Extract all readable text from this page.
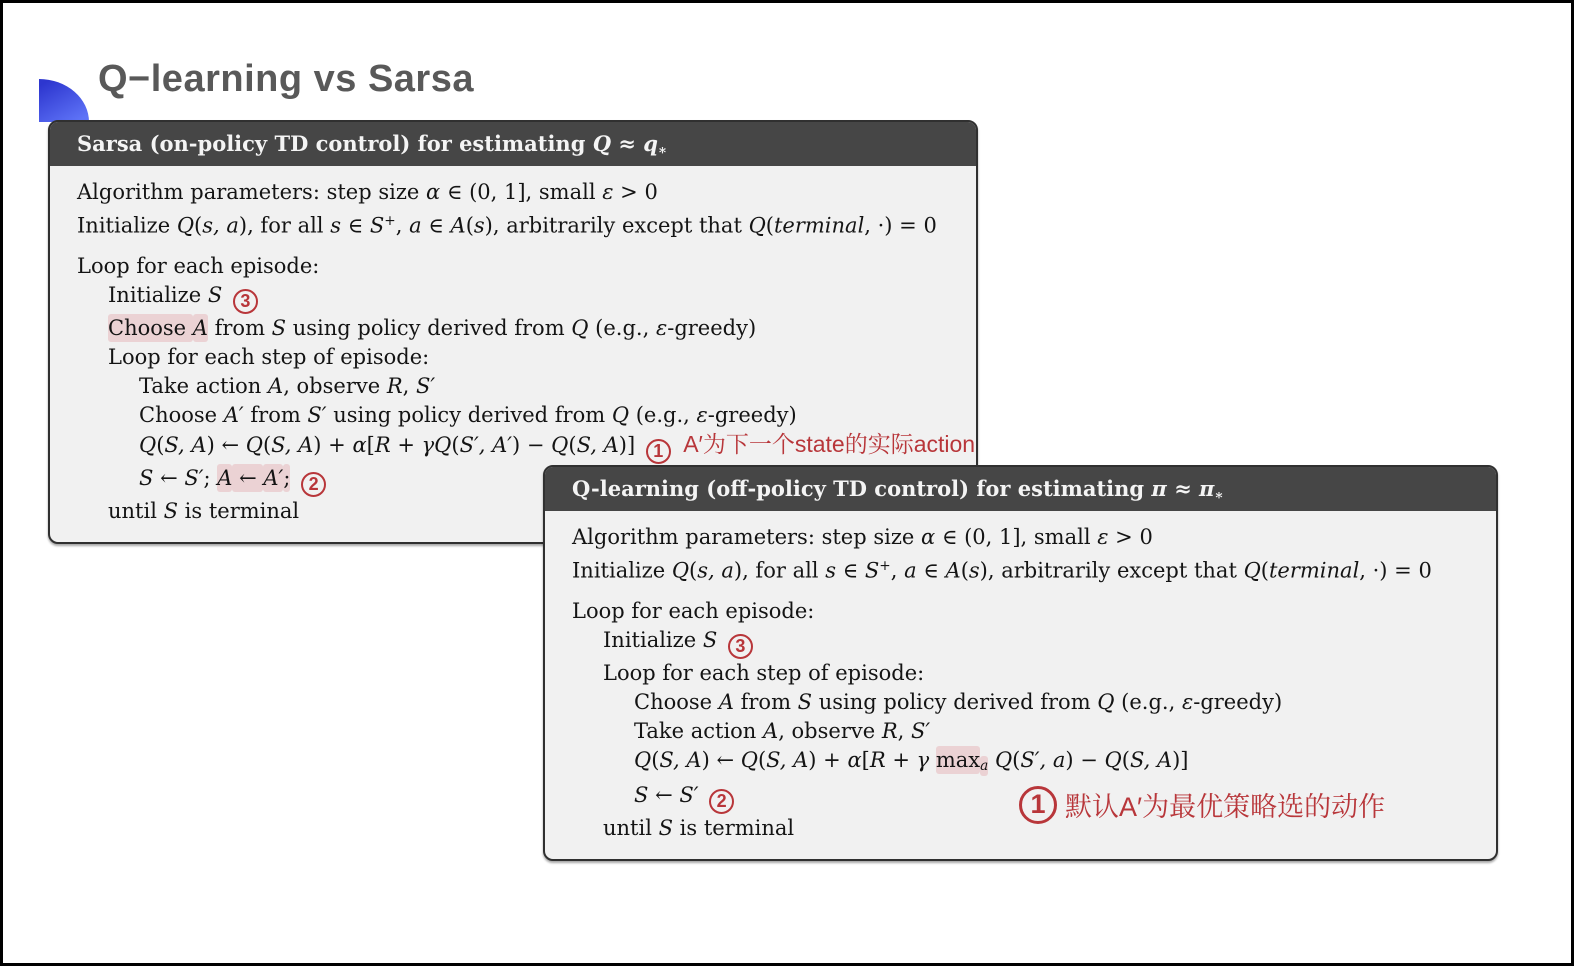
Q−learning vs Sarsa
Sarsa (on-policy TD control) for estimating $Q \approx q_∗$
Algorithm parameters: step size α ∈ (0, 1], small ε > 0
Initialize Q(s, a), for all s ∈ S+, a ∈ A(s), arbitrarily except that Q(terminal, ·) = 0
Loop for each episode:
Initialize S 3
Choose A from S using policy derived from Q (e.g., ε-greedy)
Loop for each step of episode:
Take action A, observe R, S′
Choose A′ from S′ using policy derived from Q (e.g., ε-greedy)
Q(S, A) ← Q(S, A) + α[R + γQ(S′, A′) − Q(S, A)] 1 A′为下一个state的实际action
S ← S′; A ← A′; 2
until S is terminal
Q-learning (off-policy TD control) for estimating $\pi \approx \pi_∗$
Algorithm parameters: step size α ∈ (0, 1], small ε > 0
Initialize Q(s, a), for all s ∈ S+, a ∈ A(s), arbitrarily except that Q(terminal, ·) = 0
Loop for each episode:
Initialize S 3
Loop for each step of episode:
Choose A from S using policy derived from Q (e.g., ε-greedy)
Take action A, observe R, S′
Q(S, A) ← Q(S, A) + α[R + γ $\max_a Q(S'$, a) − Q(S, A)]
S ← S′ 2
until S is terminal
1 默认A′为最优策略选的动作
